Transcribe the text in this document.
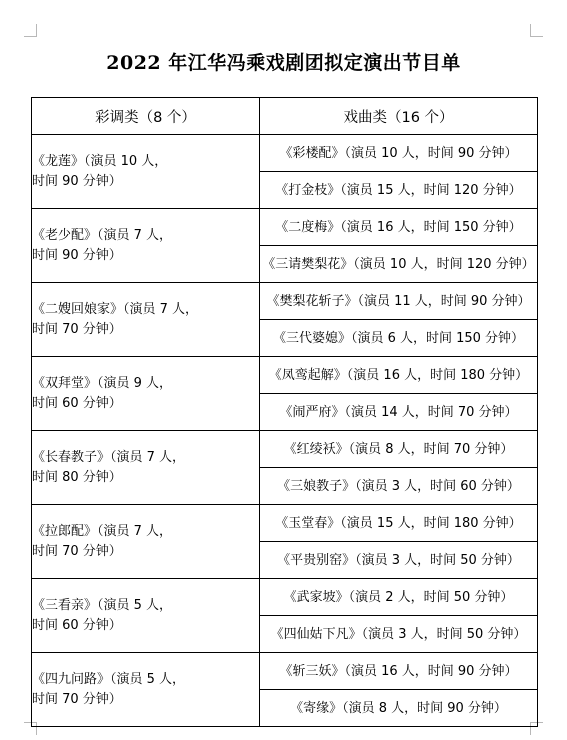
2022 年江华冯乘戏剧团拟定演出节目单
彩调类（8 个）	戏曲类（16 个）

《龙莲》（演员 10 人，
时间 90 分钟）	《彩楼配》（演员 10 人，时间 90 分钟）
	《打金枝》（演员 15 人，时间 120 分钟）

《老少配》（演员 7 人，
时间 90 分钟）	《二度梅》（演员 16 人，时间 150 分钟）
	《三请樊梨花》（演员 10 人，时间 120 分钟）

《二嫂回娘家》（演员 7 人，
时间 70 分钟）	《樊梨花斩子》（演员 11 人，时间 90 分钟）
	《三代婆媳》（演员 6 人，时间 150 分钟）

《双拜堂》（演员 9 人，
时间 60 分钟）	《凤鸾起解》（演员 16 人，时间 180 分钟）
	《闹严府》（演员 14 人，时间 70 分钟）

《长春教子》（演员 7 人，
时间 80 分钟）	《红绫袄》（演员 8 人，时间 70 分钟）
	《三娘教子》（演员 3 人，时间 60 分钟）

《拉郎配》（演员 7 人，
时间 70 分钟）	《玉堂春》（演员 15 人，时间 180 分钟）
	《平贵别窑》（演员 3 人，时间 50 分钟）

《三看亲》（演员 5 人，
时间 60 分钟）	《武家坡》（演员 2 人，时间 50 分钟）
	《四仙姑下凡》（演员 3 人，时间 50 分钟）

《四九问路》（演员 5 人，
时间 70 分钟）	《斩三妖》（演员 16 人，时间 90 分钟）
	《寄缘》（演员 8 人，时间 90 分钟）
